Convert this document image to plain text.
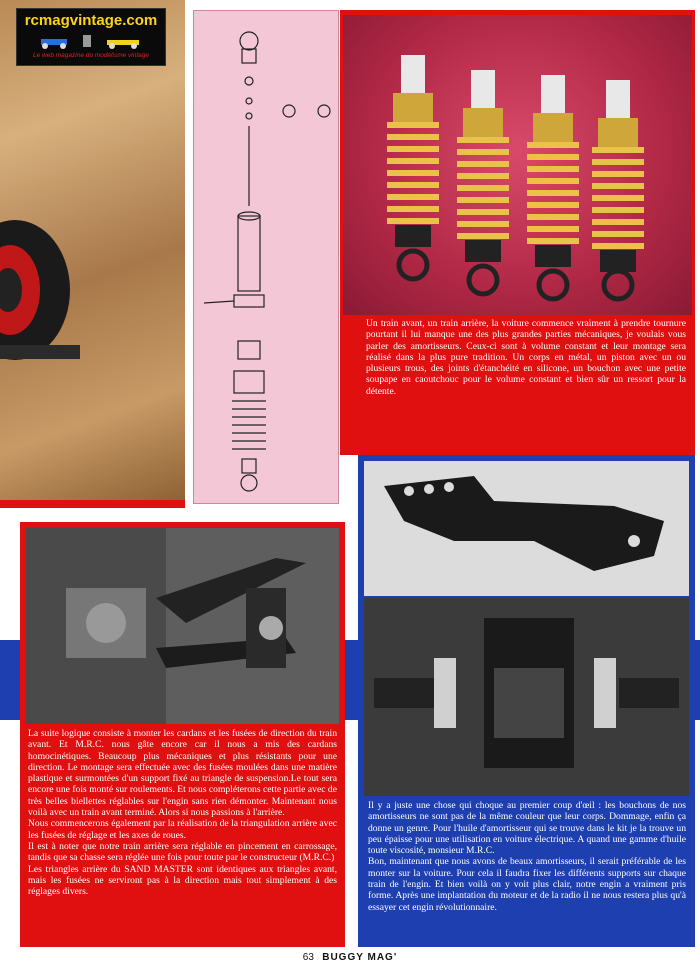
rcmagvintage.com
Le web magazine du modélisme vintage

Un train avant, un train arrière, la voiture commence vraiment à prendre tournure pourtant il lui manque une des plus grandes parties mécaniques, je voulais vous parler des amortisseurs. Ceux-ci sont à volume constant et leur montage sera réalisé dans la plus pure tradition. Un corps en métal, un piston avec un ou plusieurs trous, des joints d'étanchéité en silicone, un bouchon avec une petite soupape en caoutchouc pour le volume constant et bien sûr un ressort pour la détente.

La suite logique consiste à monter les cardans et les fusées de direction du train avant. Et M.R.C. nous gâte encore car il nous a mis des cardans homocinétiques. Beaucoup plus mécaniques et plus résistants pour une direction. Le montage sera effectuée avec des fusées moulées dans une matière plastique et surmontées d'un support fixé au triangle de suspension.Le tout sera encore une fois monté sur roulements. Et nous compléterons cette partie avec de très belles biellettes réglables sur l'engin sans rien démonter. Maintenant nous voilà avec un train avant terminé. Alors si nous passions à l'arrière.
Nous commencerons également par la réalisation de la triangulation arrière avec les fusées de réglage et les axes de roues.
Il est à noter que notre train arrière sera réglable en pincement en carrossage, tandis que sa chasse sera réglée une fois pour toute par le constructeur (M.R.C.)
Les triangles arrière du SAND MASTER sont identiques aux triangles avant, mais les fusées ne serviront pas à la direction mais tout simplement à des réglages divers.

Il y a juste une chose qui choque au premier coup d'œil : les bouchons de nos amortisseurs ne sont pas de la même couleur que leur corps. Dommage, enfin ça donne un genre. Pour l'huile d'amortisseur qui se trouve dans le kit je la trouve un peu épaisse pour une utilisation en voiture électrique. A quand une gamme d'huile toute viscosité, monsieur M.R.C.
Bon, maintenant que nous avons de beaux amortisseurs, il serait préférable de les monter sur la voiture. Pour cela il faudra fixer les différents supports sur chaque train de l'engin. Et bien voilà on y voit plus clair, notre engin a vraiment pris forme. Après une implantation du moteur et de la radio il ne nous restera plus qu'à essayer cet engin révolutionnaire.

63 BUGGY MAG'
